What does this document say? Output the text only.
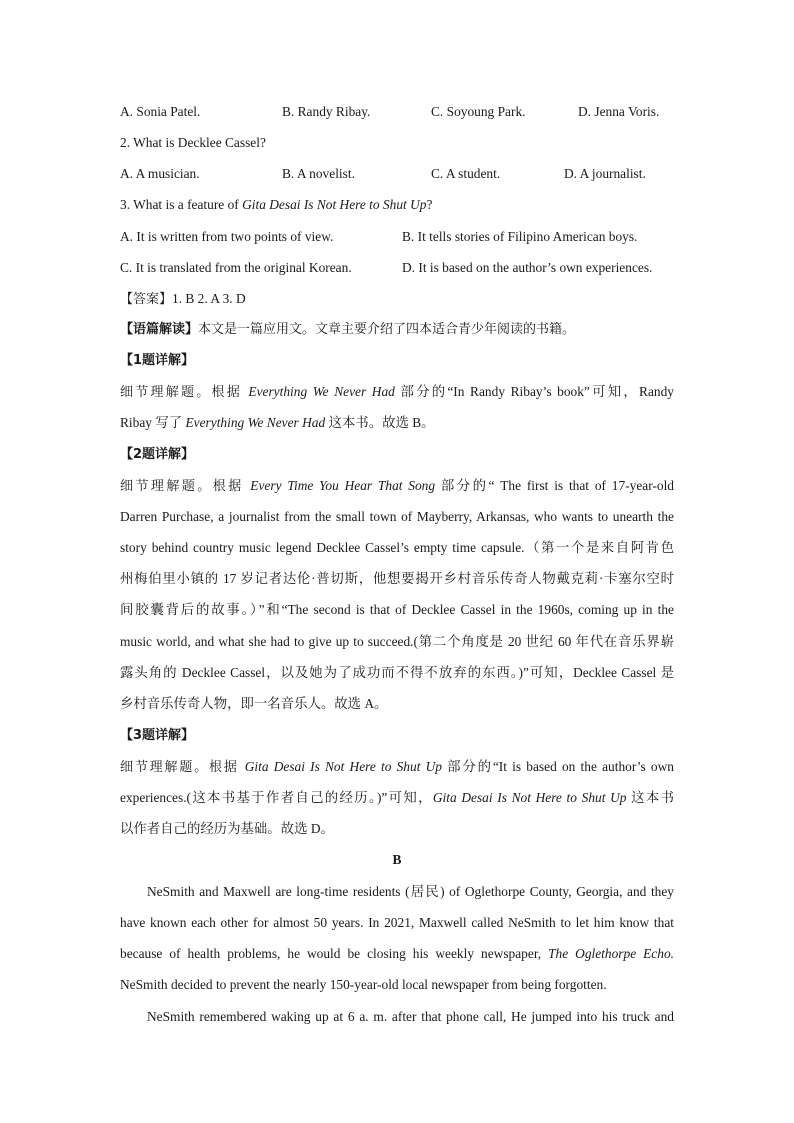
A. Sonia Patel.	B. Randy Ribay.	C. Soyoung Park.	D. Jenna Voris.
2. What is Decklee Cassel?
A. A musician.	B. A novelist.	C. A student.	D. A journalist.
3. What is a feature of Gita Desai Is Not Here to Shut Up?
A. It is written from two points of view.	B. It tells stories of Filipino American boys.
C. It is translated from the original Korean.	D. It is based on the author’s own experiences.
【答案】1. B 2. A 3. D
【语篇解读】本文是一篇应用文。文章主要介绍了四本适合青少年阅读的书籍。
【1题详解】
细节理解题。根据 Everything We Never Had 部分的“In Randy Ribay’s book”可知，Randy
Ribay 写了 Everything We Never Had 这本书。故选 B。
【2题详解】
细节理解题。根据 Every Time You Hear That Song 部分的“ The first is that of 17-year-old
Darren Purchase, a journalist from the small town of Mayberry, Arkansas, who wants to unearth the
story behind country music legend Decklee Cassel’s empty time capsule.（第一个是来自阿肯色
州梅伯里小镇的 17 岁记者达伦·普切斯，他想要揭开乡村音乐传奇人物戴克莉·卡塞尔空时
间胶囊背后的故事。）”和“The second is that of Decklee Cassel in the 1960s, coming up in the
music world, and what she had to give up to succeed.(第二个角度是 20 世纪 60 年代在音乐界崭
露头角的 Decklee Cassel，以及她为了成功而不得不放弃的东西。)”可知，Decklee Cassel 是
乡村音乐传奇人物，即一名音乐人。故选 A。
【3题详解】
细节理解题。根据 Gita Desai Is Not Here to Shut Up 部分的“It is based on the author’s own
experiences.(这本书基于作者自己的经历。)”可知，Gita Desai Is Not Here to Shut Up 这本书
以作者自己的经历为基础。故选 D。
B
NeSmith and Maxwell are long-time residents (居民) of Oglethorpe County, Georgia, and they
have known each other for almost 50 years. In 2021, Maxwell called NeSmith to let him know that
because of health problems, he would be closing his weekly newspaper, The Oglethorpe Echo.
NeSmith decided to prevent the nearly 150-year-old local newspaper from being forgotten.
NeSmith remembered waking up at 6 a. m. after that phone call, He jumped into his truck and
